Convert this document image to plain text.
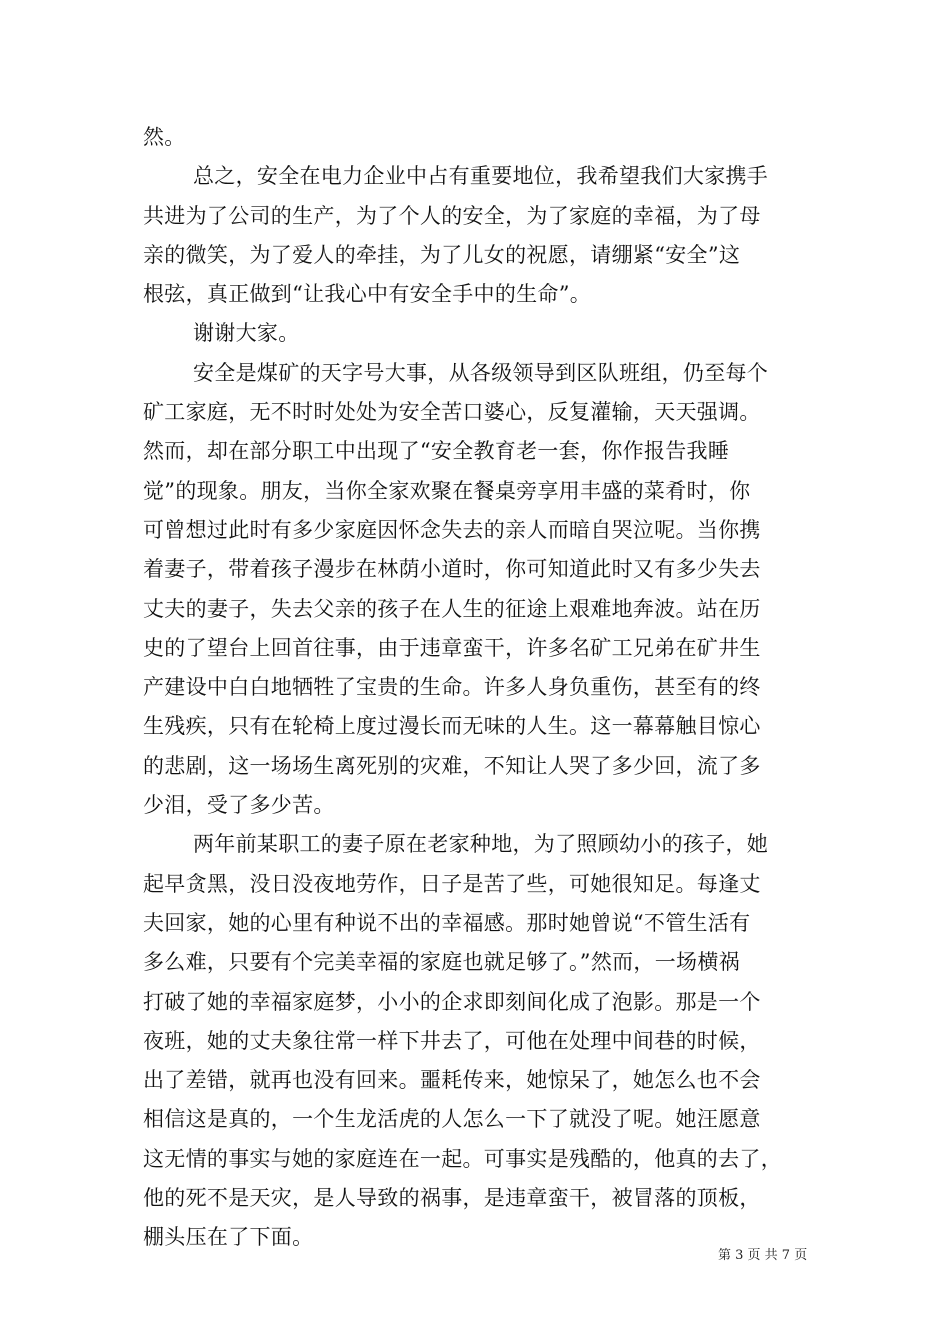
然。
总之，安全在电力企业中占有重要地位，我希望我们大家携手
共进为了公司的生产，为了个人的安全，为了家庭的幸福，为了母
亲的微笑，为了爱人的牵挂，为了儿女的祝愿，请绷紧“安全”这
根弦，真正做到“让我心中有安全手中的生命”。
谢谢大家。
安全是煤矿的天字号大事，从各级领导到区队班组，仍至每个
矿工家庭，无不时时处处为安全苦口婆心，反复灌输，天天强调。
然而，却在部分职工中出现了“安全教育老一套，你作报告我睡
觉”的现象。朋友，当你全家欢聚在餐桌旁享用丰盛的菜肴时，你
可曾想过此时有多少家庭因怀念失去的亲人而暗自哭泣呢。当你携
着妻子，带着孩子漫步在林荫小道时，你可知道此时又有多少失去
丈夫的妻子，失去父亲的孩子在人生的征途上艰难地奔波。站在历
史的了望台上回首往事，由于违章蛮干，许多名矿工兄弟在矿井生
产建设中白白地牺牲了宝贵的生命。许多人身负重伤，甚至有的终
生残疾，只有在轮椅上度过漫长而无味的人生。这一幕幕触目惊心
的悲剧，这一场场生离死别的灾难，不知让人哭了多少回，流了多
少泪，受了多少苦。
两年前某职工的妻子原在老家种地，为了照顾幼小的孩子，她
起早贪黑，没日没夜地劳作，日子是苦了些，可她很知足。每逢丈
夫回家，她的心里有种说不出的幸福感。那时她曾说“不管生活有
多么难，只要有个完美幸福的家庭也就足够了。”然而，一场横祸
打破了她的幸福家庭梦，小小的企求即刻间化成了泡影。那是一个
夜班，她的丈夫象往常一样下井去了，可他在处理中间巷的时候，
出了差错，就再也没有回来。噩耗传来，她惊呆了，她怎么也不会
相信这是真的，一个生龙活虎的人怎么一下了就没了呢。她汪愿意
这无情的事实与她的家庭连在一起。可事实是残酷的，他真的去了，
他的死不是天灾，是人导致的祸事，是违章蛮干，被冒落的顶板，
棚头压在了下面。
第 3 页 共 7 页
